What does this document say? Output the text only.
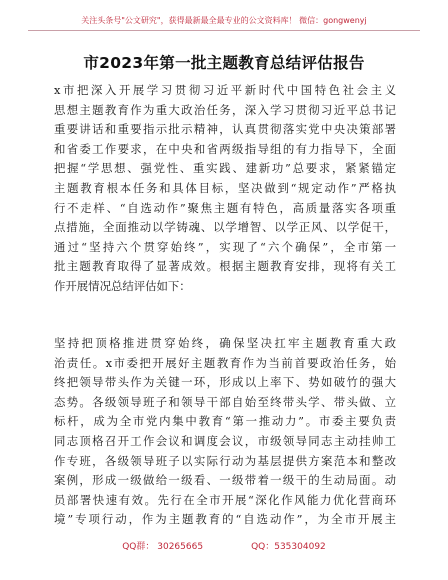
关注头条号"公文研究"，获得最新最全最专业的公文资料库！ 微信：gongwenyj
市2023年第一批主题教育总结评估报告
x市把深入开展学习贯彻习近平新时代中国特色社会主义
思想主题教育作为重大政治任务，深入学习贯彻习近平总书记
重要讲话和重要指示批示精神，认真贯彻落实党中央决策部署
和省委工作要求，在中央和省两级指导组的有力指导下，全面
把握“学思想、强党性、重实践、建新功”总要求，紧紧锚定
主题教育根本任务和具体目标，坚决做到“规定动作”严格执
行不走样、“自选动作”聚焦主题有特色，高质量落实各项重
点措施，全面推动以学铸魂、以学增智、以学正风、以学促干，
通过“坚持六个贯穿始终”，实现了“六个确保”，全市第一
批主题教育取得了显著成效。根据主题教育安排，现将有关工
作开展情况总结评估如下：
坚持把顶格推进贯穿始终，确保坚决扛牢主题教育重大政
治责任。x市委把开展好主题教育作为当前首要政治任务，始
终把领导带头作为关键一环，形成以上率下、势如破竹的强大
态势。各级领导班子和领导干部自始至终带头学、带头做、立
标杆，成为全市党内集中教育“第一推动力”。市委主要负责
同志顶格召开工作会议和调度会议，市级领导同志主动挂帅工
作专班，各级领导班子以实际行动为基层提供方案范本和整改
案例，形成一级做给一级看、一级带着一级干的生动局面。动
员部署快速有效。先行在全市开展“深化作风能力优化营商环
境”专项行动，作为主题教育的“自选动作”，为全市开展主
QQ群： 30265665	QQ：535304092
